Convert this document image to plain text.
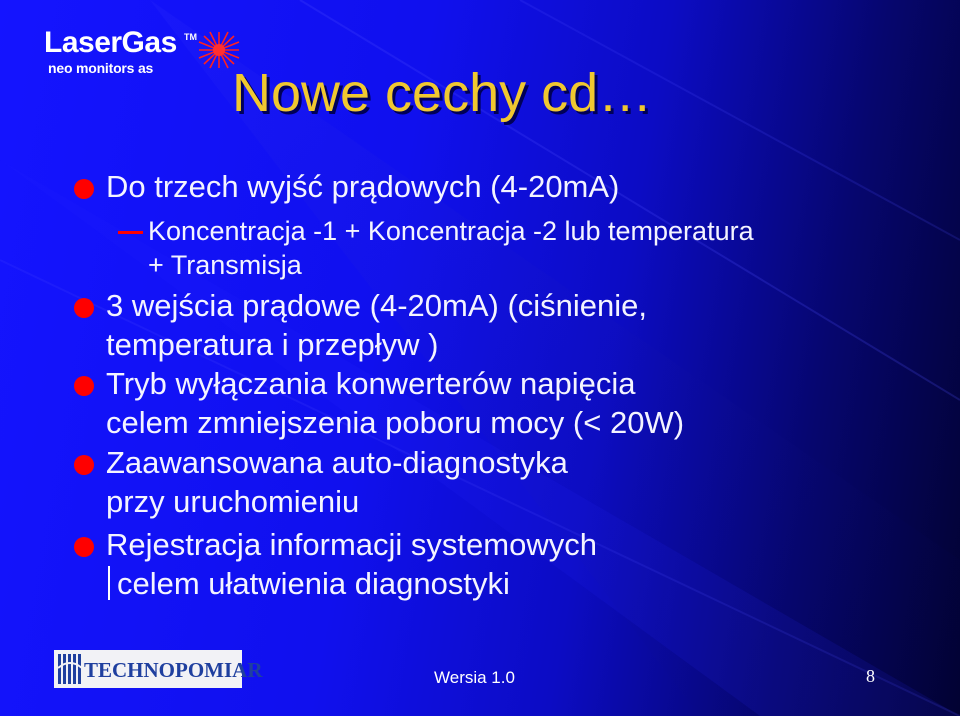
LaserGas TM
neo monitors as Nowe cechy cd…
Do trzech wyjść prądowych (4-20mA)
Koncentracja -1 + Koncentracja -2 lub temperatura
+ Transmisja
3 wejścia prądowe (4-20mA) (ciśnienie,
temperatura i przepływ )
Tryb wyłączania konwerterów napięcia
celem zmniejszenia poboru mocy (< 20W)
Zaawansowana auto-diagnostyka
przy uruchomieniu
Rejestracja informacji systemowych
celem ułatwienia diagnostyki
TECHNOPOMIAR	Wersia 1.0	8
